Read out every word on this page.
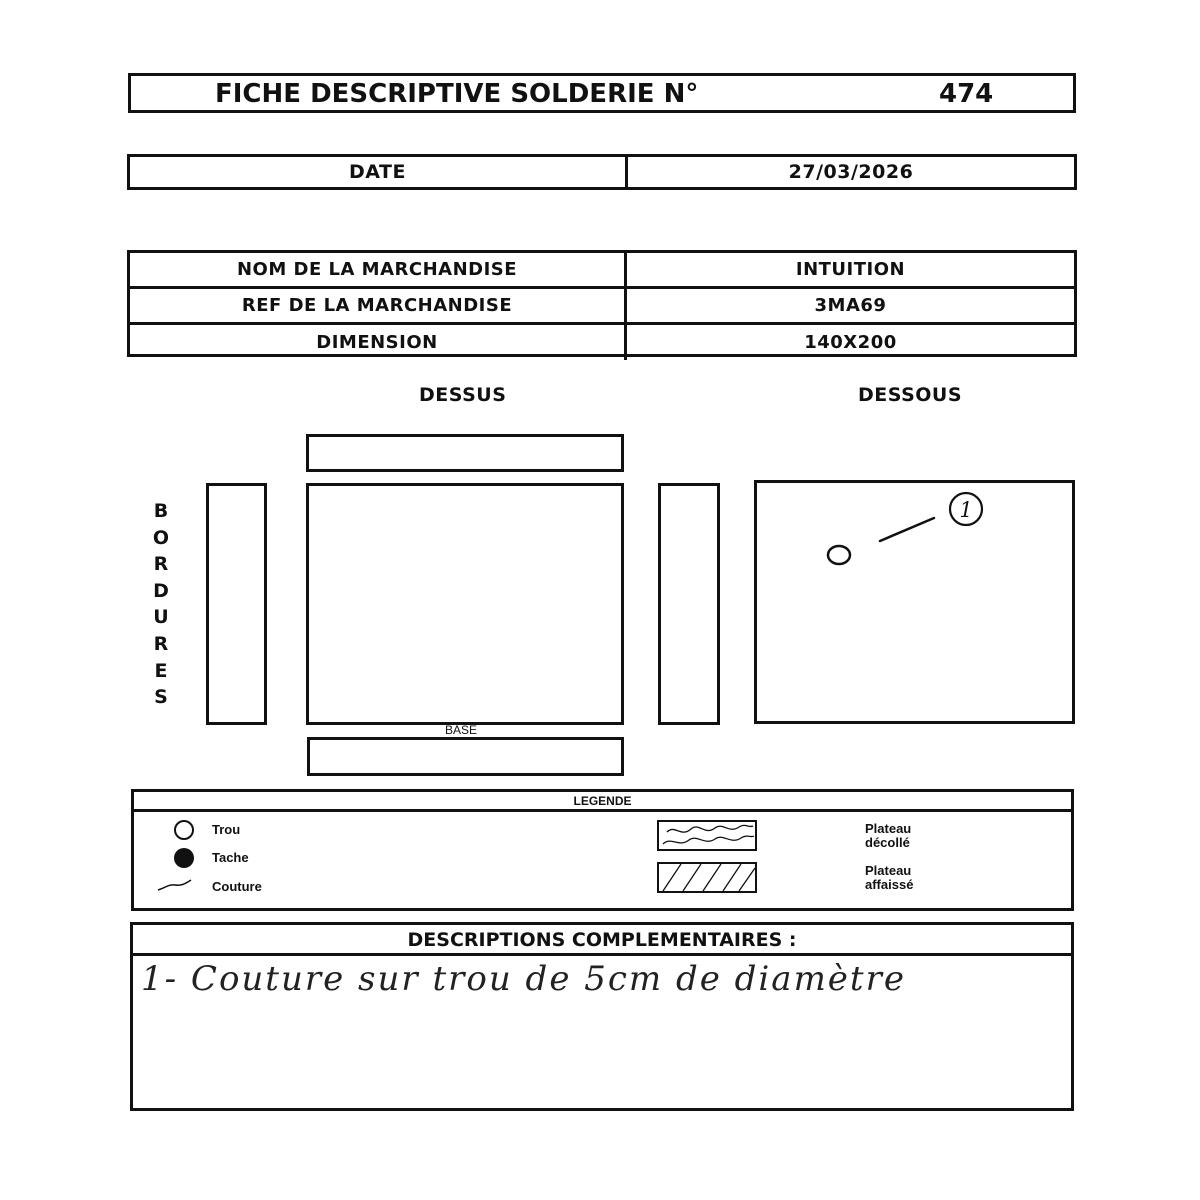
FICHE DESCRIPTIVE SOLDERIE N°	474
DATE	27/03/2026
NOM DE LA MARCHANDISE	INTUITION
REF DE LA MARCHANDISE	3MA69
DIMENSION	140X200
DESSUS	DESSOUS
B
O
R
D
U
R
E
S
BASE
1
LEGENDE
Trou
Tache
Couture
Plateau
décollé
Plateau
affaissé
DESCRIPTIONS COMPLEMENTAIRES :
1- Couture sur trou de 5cm de diamètre
